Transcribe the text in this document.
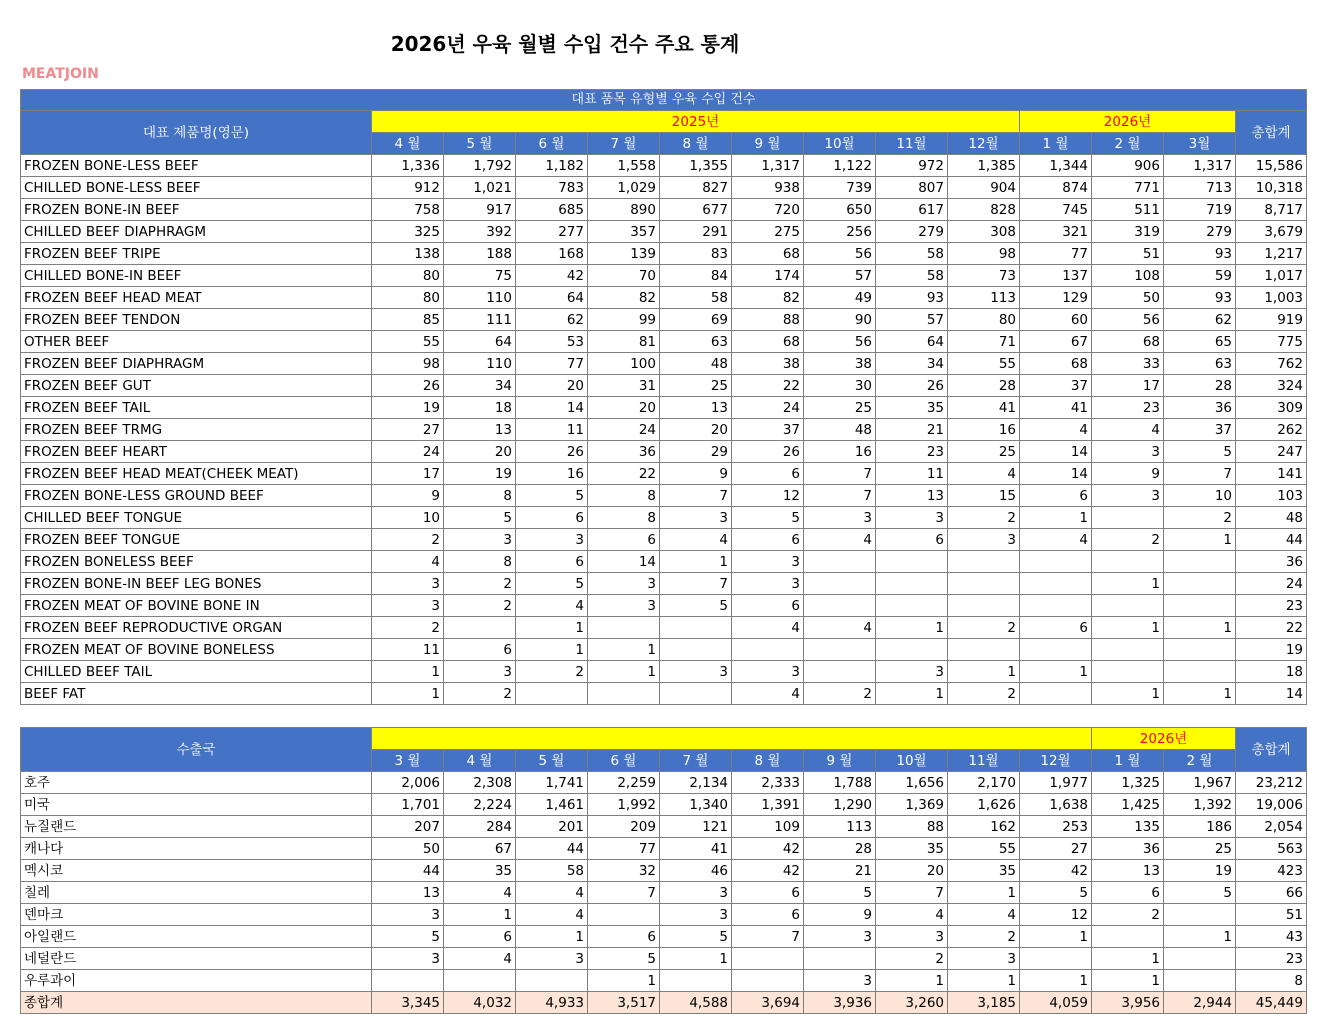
2026년 우육 월별 수입 건수 주요 통계
MEATJOIN
대표 품목 유형별 우육 수입 건수													
대표 제품명(영문)	2025년									2026년			총합계
	4 월	5 월	6 월	7 월	8 월	9 월	10월	11월	12월	1 월	2 월	3월	
FROZEN BONE-LESS BEEF	1,336	1,792	1,182	1,558	1,355	1,317	1,122	972	1,385	1,344	906	1,317	15,586
CHILLED BONE-LESS BEEF	912	1,021	783	1,029	827	938	739	807	904	874	771	713	10,318
FROZEN BONE-IN BEEF	758	917	685	890	677	720	650	617	828	745	511	719	8,717
CHILLED BEEF DIAPHRAGM	325	392	277	357	291	275	256	279	308	321	319	279	3,679
FROZEN BEEF TRIPE	138	188	168	139	83	68	56	58	98	77	51	93	1,217
CHILLED BONE-IN BEEF	80	75	42	70	84	174	57	58	73	137	108	59	1,017
FROZEN BEEF HEAD MEAT	80	110	64	82	58	82	49	93	113	129	50	93	1,003
FROZEN BEEF TENDON	85	111	62	99	69	88	90	57	80	60	56	62	919
OTHER BEEF	55	64	53	81	63	68	56	64	71	67	68	65	775
FROZEN BEEF DIAPHRAGM	98	110	77	100	48	38	38	34	55	68	33	63	762
FROZEN BEEF GUT	26	34	20	31	25	22	30	26	28	37	17	28	324
FROZEN BEEF TAIL	19	18	14	20	13	24	25	35	41	41	23	36	309
FROZEN BEEF TRMG	27	13	11	24	20	37	48	21	16	4	4	37	262
FROZEN BEEF HEART	24	20	26	36	29	26	16	23	25	14	3	5	247
FROZEN BEEF HEAD MEAT(CHEEK MEAT)	17	19	16	22	9	6	7	11	4	14	9	7	141
FROZEN BONE-LESS GROUND BEEF	9	8	5	8	7	12	7	13	15	6	3	10	103
CHILLED BEEF TONGUE	10	5	6	8	3	5	3	3	2	1		2	48
FROZEN BEEF TONGUE	2	3	3	6	4	6	4	6	3	4	2	1	44
FROZEN BONELESS BEEF	4	8	6	14	1	3							36
FROZEN BONE-IN BEEF LEG BONES	3	2	5	3	7	3					1		24
FROZEN MEAT OF BOVINE BONE IN	3	2	4	3	5	6							23
FROZEN BEEF REPRODUCTIVE ORGAN	2		1			4	4	1	2	6	1	1	22
FROZEN MEAT OF BOVINE BONELESS	11	6	1	1									19
CHILLED BEEF TAIL	1	3	2	1	3	3		3	1	1			18
BEEF FAT	1	2				4	2	1	2		1	1	14
수출국											2026년		총합계
	3 월	4 월	5 월	6 월	7 월	8 월	9 월	10월	11월	12월	1 월	2 월	
호주	2,006	2,308	1,741	2,259	2,134	2,333	1,788	1,656	2,170	1,977	1,325	1,967	23,212
미국	1,701	2,224	1,461	1,992	1,340	1,391	1,290	1,369	1,626	1,638	1,425	1,392	19,006
뉴질랜드	207	284	201	209	121	109	113	88	162	253	135	186	2,054
캐나다	50	67	44	77	41	42	28	35	55	27	36	25	563
멕시코	44	35	58	32	46	42	21	20	35	42	13	19	423
칠레	13	4	4	7	3	6	5	7	1	5	6	5	66
덴마크	3	1	4		3	6	9	4	4	12	2		51
아일랜드	5	6	1	6	5	7	3	3	2	1		1	43
네덜란드	3	4	3	5	1			2	3		1		23
우루과이				1			3	1	1	1	1		8
종합계	3,345	4,032	4,933	3,517	4,588	3,694	3,936	3,260	3,185	4,059	3,956	2,944	45,449
